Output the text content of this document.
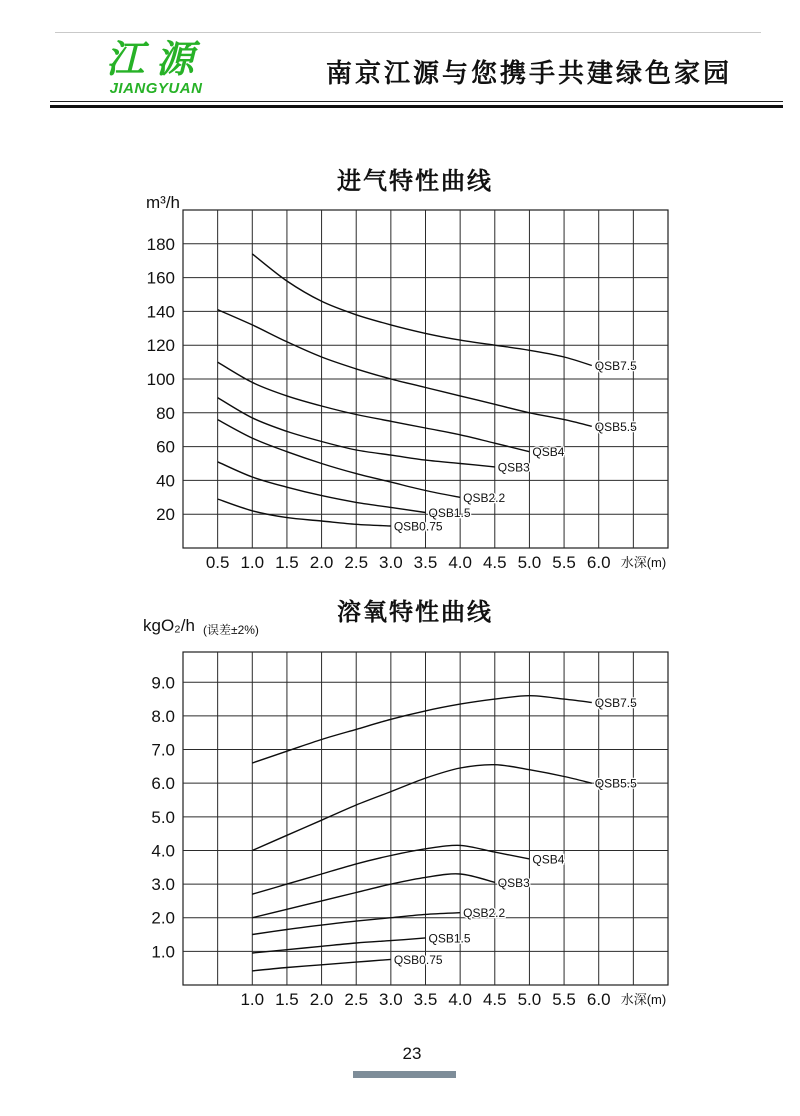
江源
JIANGYUAN
南京江源与您携手共建绿色家园
进气特性曲线
m³/h
0.5 1.0 1.5 2.0 2.5 3.0 3.5 4.0 4.5 5.0 5.5 6.0 水深(m)
20
40
60
80
100
120
140
160
180
QSB7.5
QSB5.5
QSB4
QSB3
QSB2.2
QSB1.5
QSB0.75
溶氧特性曲线
kgO₂/h (误差±2%)
1.0 1.5 2.0 2.5 3.0 3.5 4.0 4.5 5.0 5.5 6.0 水深(m)
1.0
2.0
3.0
4.0
5.0
6.0
7.0
8.0
9.0
QSB7.5
QSB5.5
QSB4
QSB3
QSB2.2
QSB1.5
QSB0.75
23
